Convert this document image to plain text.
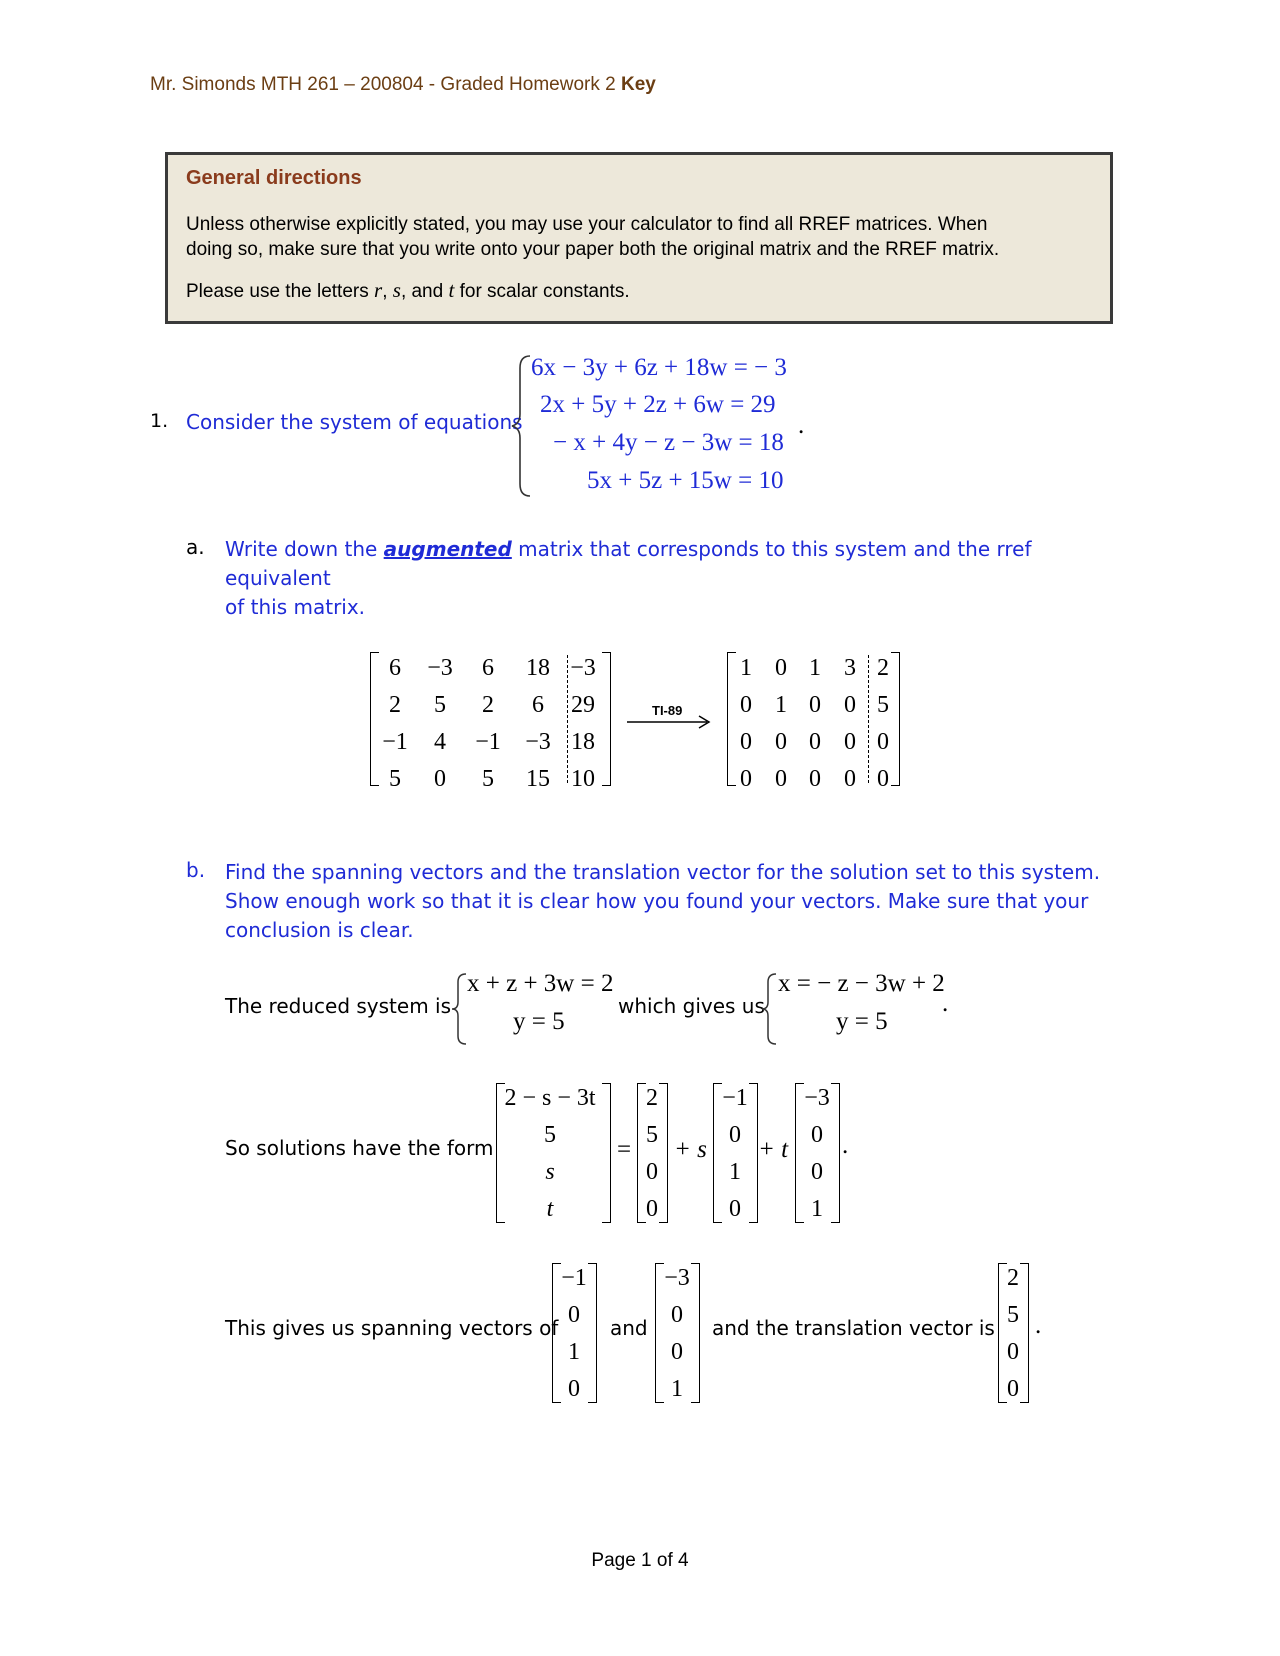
Mr. Simonds MTH 261 – 200804 - Graded Homework 2 Key
General directions
Unless otherwise explicitly stated, you may use your calculator to find all RREF matrices. When
doing so, make sure that you write onto your paper both the original matrix and the RREF matrix.
Please use the letters r, s, and t for scalar constants.
1. Consider the system of equations
6x − 3y + 6z + 18w = − 3
2x + 5y + 2z + 6w = 29
− x + 4y − z − 3w = 18
5x + 5z + 15w = 10
.
a. Write down the augmented matrix that corresponds to this system and the rref equivalent
of this matrix.
6	−3	6	18 −3
2	5	2	6	29
−1	4	−1	−3 18
5	0	5	15 10
TI-89
1 0 1 3 2
0 1 0 0 5
0 0 0 0 0
0 0 0 0 0
b. Find the spanning vectors and the translation vector for the solution set to this system.
Show enough work so that it is clear how you found your vectors. Make sure that your
conclusion is clear.
The reduced system is
x + z + 3w = 2
y = 5
which gives us
x = − z − 3w + 2
y = 5
.
So solutions have the form
2 − s − 3t
5
s
t
=
2
5
0
0
+ s
−1
0
1
0
+ t
−3
0
0
1
.
This gives us spanning vectors of
−1
0
1
0
and
−3
0
0
1
and the translation vector is
2
5
0
0
.
Page 1 of 4
